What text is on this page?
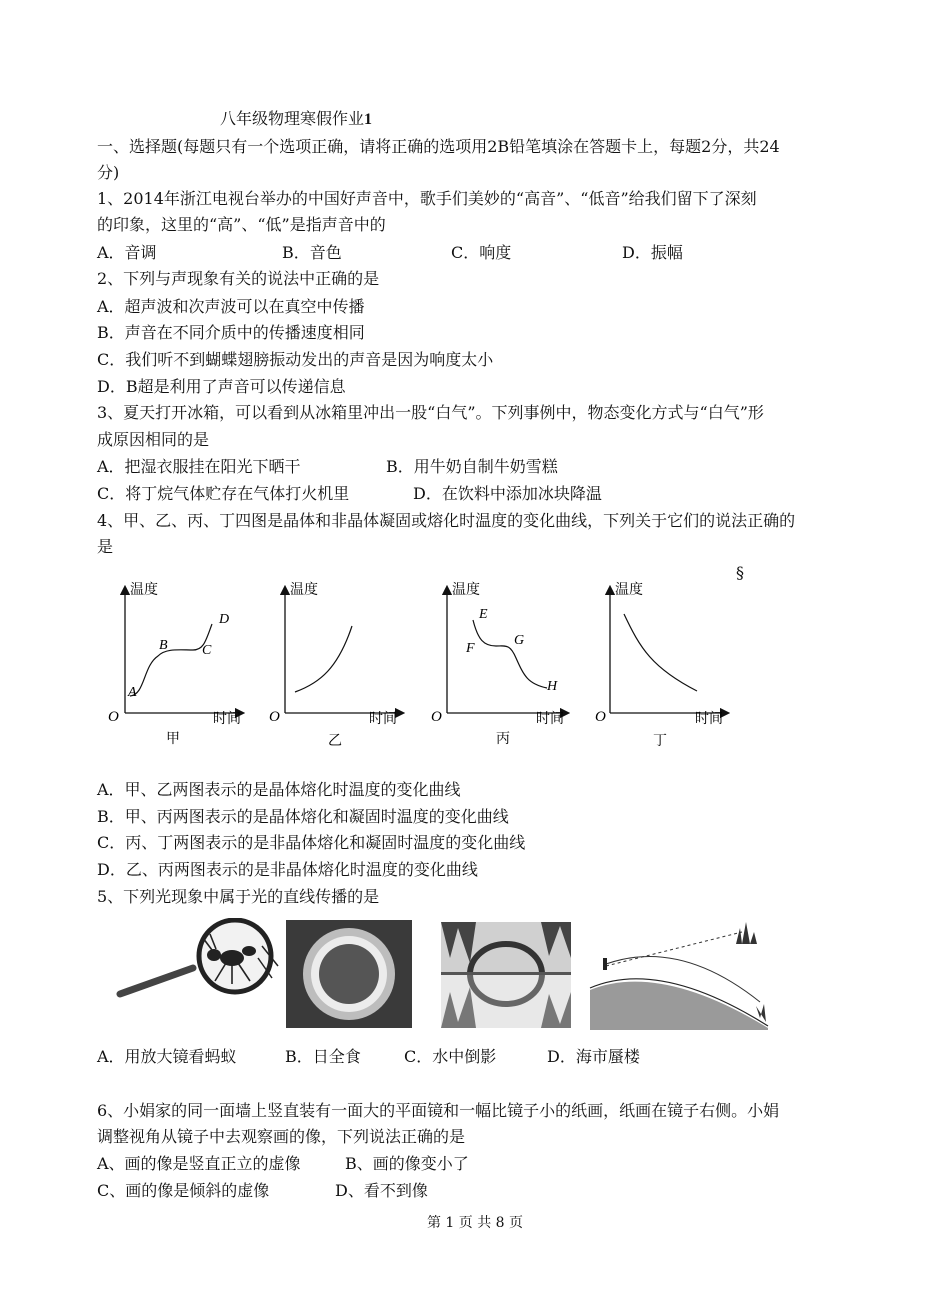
八年级物理寒假作业1
一、选择题(每题只有一个选项正确，请将正确的选项用2B铅笔填涂在答题卡上，每题2分，共24
分)
1、2014年浙江电视台举办的中国好声音中，歌手们美妙的“高音”、“低音”给我们留下了深刻
的印象，这里的“高”、“低”是指声音中的
A．音调	B．音色	C．响度	D．振幅
2、下列与声现象有关的说法中正确的是
A．超声波和次声波可以在真空中传播
B．声音在不同介质中的传播速度相同
C．我们听不到蝴蝶翅膀振动发出的声音是因为响度太小
D．B超是利用了声音可以传递信息
3、夏天打开冰箱，可以看到从冰箱里冲出一股“白气”。下列事例中，物态变化方式与“白气”形
成原因相同的是
A．把湿衣服挂在阳光下晒干	B．用牛奶自制牛奶雪糕
C．将丁烷气体贮存在气体打火机里	D．在饮料中添加冰块降温
4、甲、乙、丙、丁四图是晶体和非晶体凝固或熔化时温度的变化曲线，下列关于它们的说法正确的
是
§
温度
时间
O
A
B C
D
甲
温度
时间
O
乙
温度
时间
O
E
F
G
H
丙
温度
时间
O
丁
A．甲、乙两图表示的是晶体熔化时温度的变化曲线
B．甲、丙两图表示的是晶体熔化和凝固时温度的变化曲线
C．丙、丁两图表示的是非晶体熔化和凝固时温度的变化曲线
D．乙、丙两图表示的是非晶体熔化时温度的变化曲线
5、下列光现象中属于光的直线传播的是
A．用放大镜看蚂蚁	B．日全食	C．水中倒影	D．海市蜃楼
6、小娟家的同一面墙上竖直装有一面大的平面镜和一幅比镜子小的纸画，纸画在镜子右侧。小娟
调整视角从镜子中去观察画的像，下列说法正确的是
A、画的像是竖直正立的虚像	B、画的像变小了
C、画的像是倾斜的虚像	D、看不到像
第 1 页 共 8 页
